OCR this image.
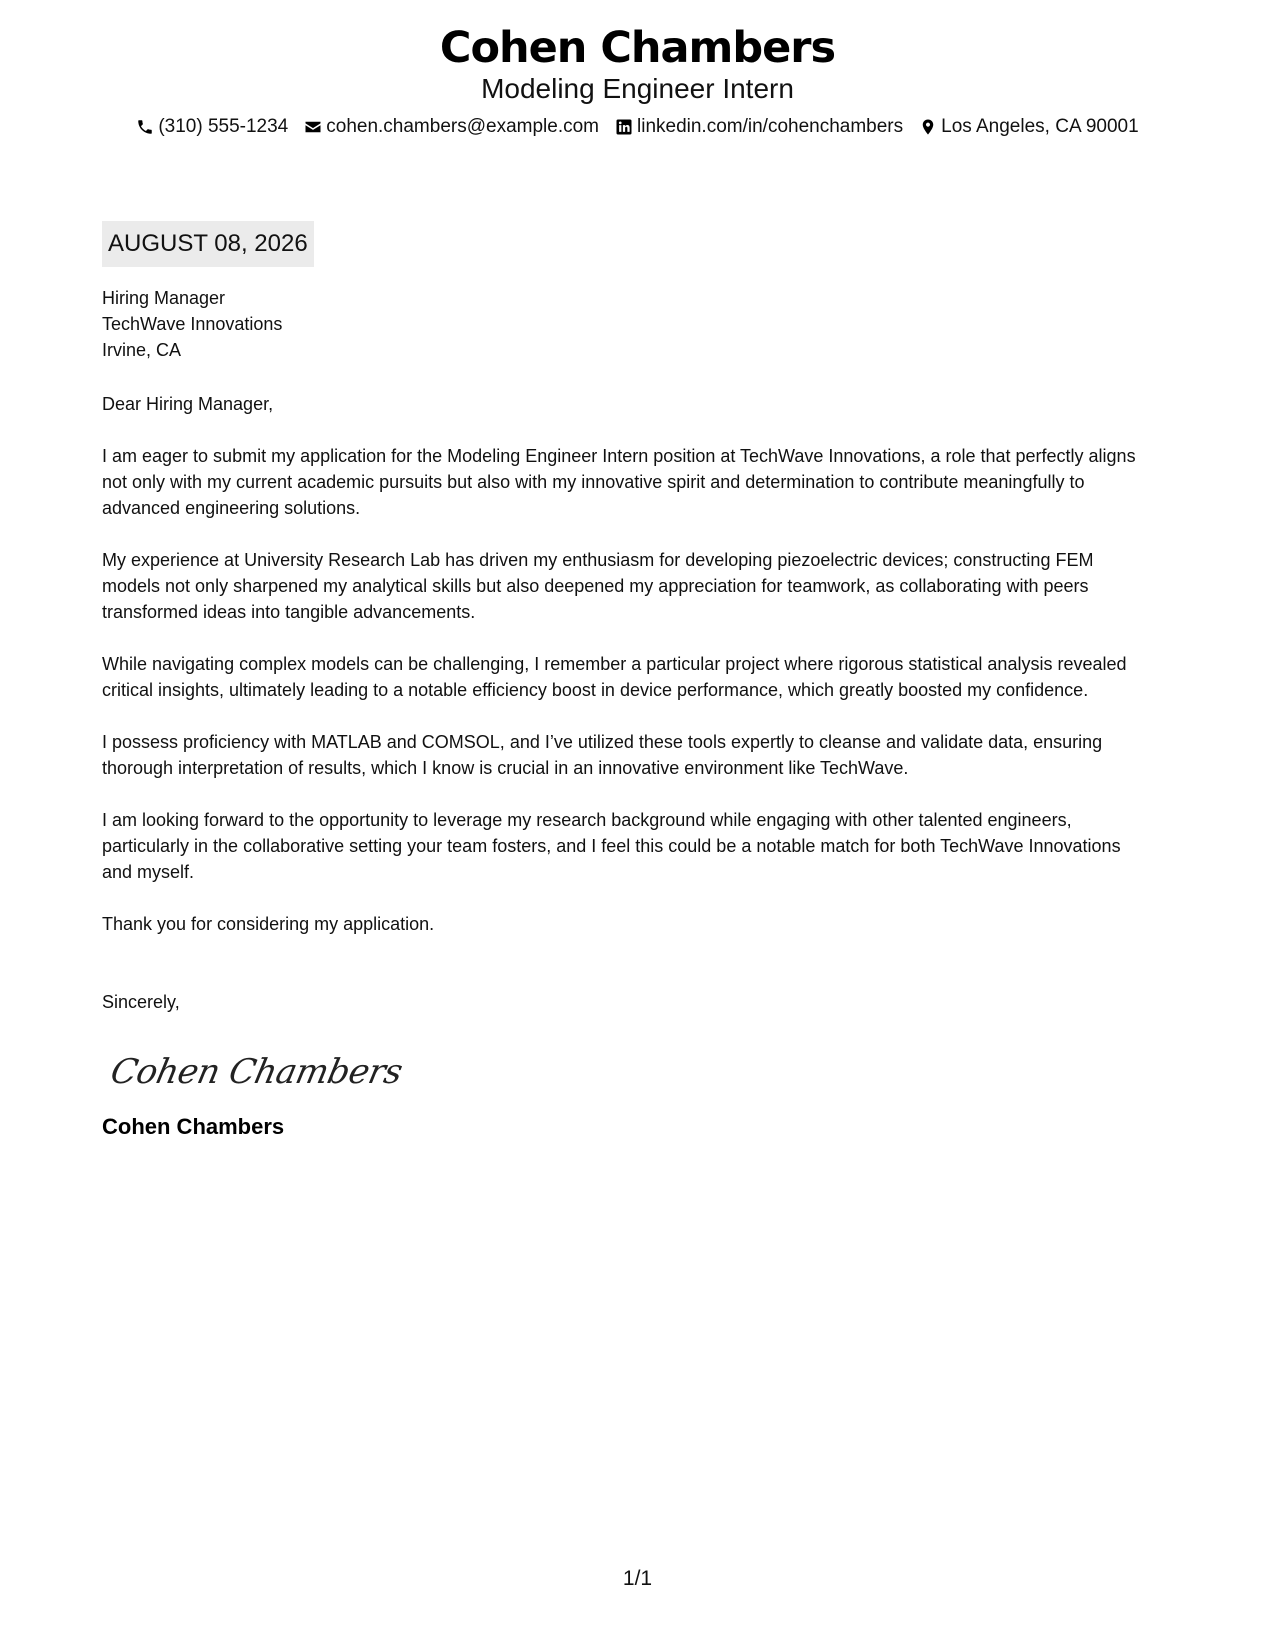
Cohen Chambers
Modeling Engineer Intern
(310) 555-1234 cohen.chambers@example.com linkedin.com/in/cohenchambers Los Angeles, CA 90001
AUGUST 08, 2026
Hiring Manager
TechWave Innovations
Irvine, CA
Dear Hiring Manager,

I am eager to submit my application for the Modeling Engineer Intern position at TechWave Innovations, a role that perfectly aligns not only with my current academic pursuits but also with my innovative spirit and determination to contribute meaningfully to advanced engineering solutions.

My experience at University Research Lab has driven my enthusiasm for developing piezoelectric devices; constructing FEM models not only sharpened my analytical skills but also deepened my appreciation for teamwork, as collaborating with peers transformed ideas into tangible advancements.

While navigating complex models can be challenging, I remember a particular project where rigorous statistical analysis revealed critical insights, ultimately leading to a notable efficiency boost in device performance, which greatly boosted my confidence.

I possess proficiency with MATLAB and COMSOL, and I’ve utilized these tools expertly to cleanse and validate data, ensuring thorough interpretation of results, which I know is crucial in an innovative environment like TechWave.

I am looking forward to the opportunity to leverage my research background while engaging with other talented engineers, particularly in the collaborative setting your team fosters, and I feel this could be a notable match for both TechWave Innovations and myself.

Thank you for considering my application.

Sincerely,
Cohen Chambers
Cohen Chambers
1/1
